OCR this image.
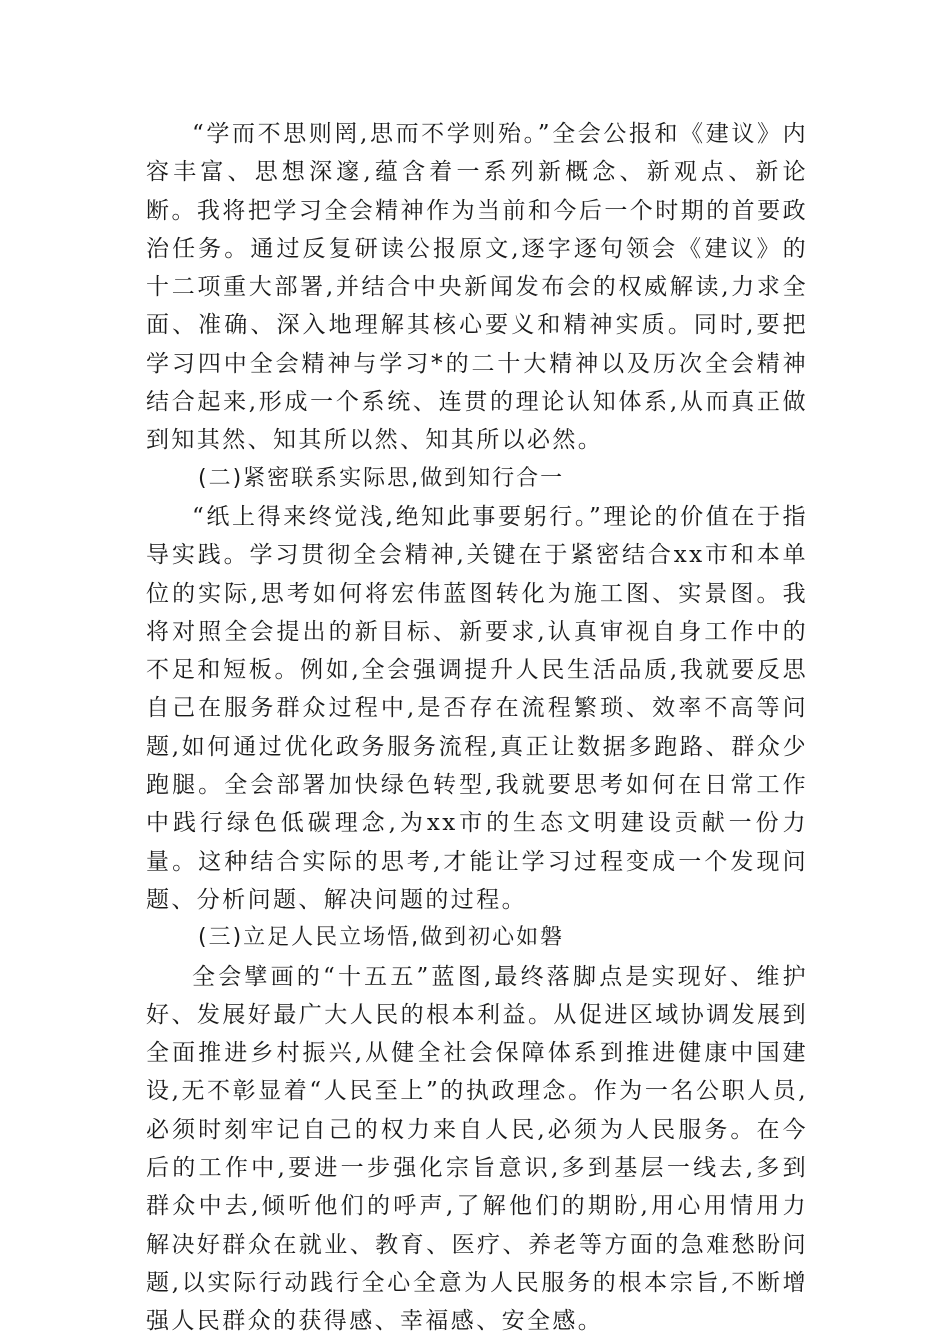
“学而不思则罔,思而不学则殆。”全会公报和《建议》内容丰富、思想深邃,蕴含着一系列新概念、新观点、新论断。我将把学习全会精神作为当前和今后一个时期的首要政治任务。通过反复研读公报原文,逐字逐句领会《建议》的十二项重大部署,并结合中央新闻发布会的权威解读,力求全面、准确、深入地理解其核心要义和精神实质。同时,要把学习四中全会精神与学习*的二十大精神以及历次全会精神结合起来,形成一个系统、连贯的理论认知体系,从而真正做到知其然、知其所以然、知其所以必然。

(二)紧密联系实际思,做到知行合一

“纸上得来终觉浅,绝知此事要躬行。”理论的价值在于指导实践。学习贯彻全会精神,关键在于紧密结合xx市和本单位的实际,思考如何将宏伟蓝图转化为施工图、实景图。我将对照全会提出的新目标、新要求,认真审视自身工作中的不足和短板。例如,全会强调提升人民生活品质,我就要反思自己在服务群众过程中,是否存在流程繁琐、效率不高等问题,如何通过优化政务服务流程,真正让数据多跑路、群众少跑腿。全会部署加快绿色转型,我就要思考如何在日常工作中践行绿色低碳理念,为xx市的生态文明建设贡献一份力量。这种结合实际的思考,才能让学习过程变成一个发现问题、分析问题、解决问题的过程。

(三)立足人民立场悟,做到初心如磐

全会擘画的“十五五”蓝图,最终落脚点是实现好、维护好、发展好最广大人民的根本利益。从促进区域协调发展到全面推进乡村振兴,从健全社会保障体系到推进健康中国建设,无不彰显着“人民至上”的执政理念。作为一名公职人员,必须时刻牢记自己的权力来自人民,必须为人民服务。在今后的工作中,要进一步强化宗旨意识,多到基层一线去,多到群众中去,倾听他们的呼声,了解他们的期盼,用心用情用力解决好群众在就业、教育、医疗、养老等方面的急难愁盼问题,以实际行动践行全心全意为人民服务的根本宗旨,不断增强人民群众的获得感、幸福感、安全感。
